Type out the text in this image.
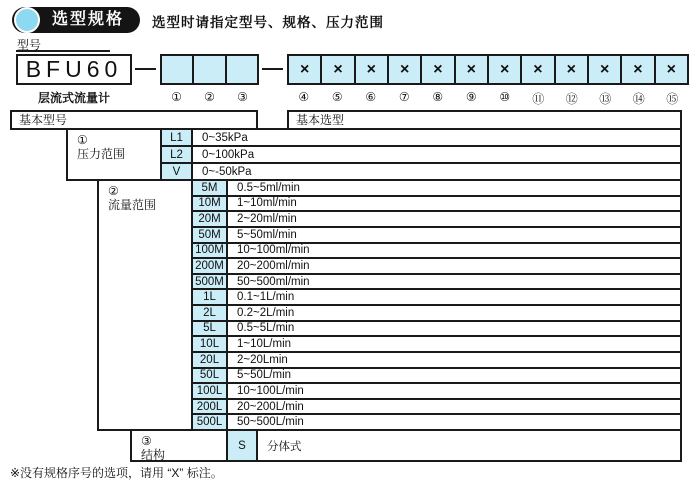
选型规格 选型时请指定型号、规格、压力范围
型号
BFU60
层流式流量计
× × × × × × × × × × × ×
①	②	③	④	⑤	⑥	⑦	⑧	⑨	⑩	⑪	⑫	⑬	⑭	⑮
基本型号	基本选型
①
压力范围
L1	0~35kPa
L2	0~100kPa
V	0~-50kPa
②
流量范围
5M	0.5~5ml/min
10M	1~10ml/min
20M	2~20ml/min
50M	5~50ml/min
100M	10~100ml/min
200M	20~200ml/min
500M	50~500ml/min
1L	0.1~1L/min
2L	0.2~2L/min
5L	0.5~5L/min
10L	1~10L/min
20L	2~20Lmin
50L	5~50L/min
100L	10~100L/min
200L	20~200L/min
500L	50~500L/min
③
结构
S	分体式
※没有规格序号的选项，请用 “X” 标注。
